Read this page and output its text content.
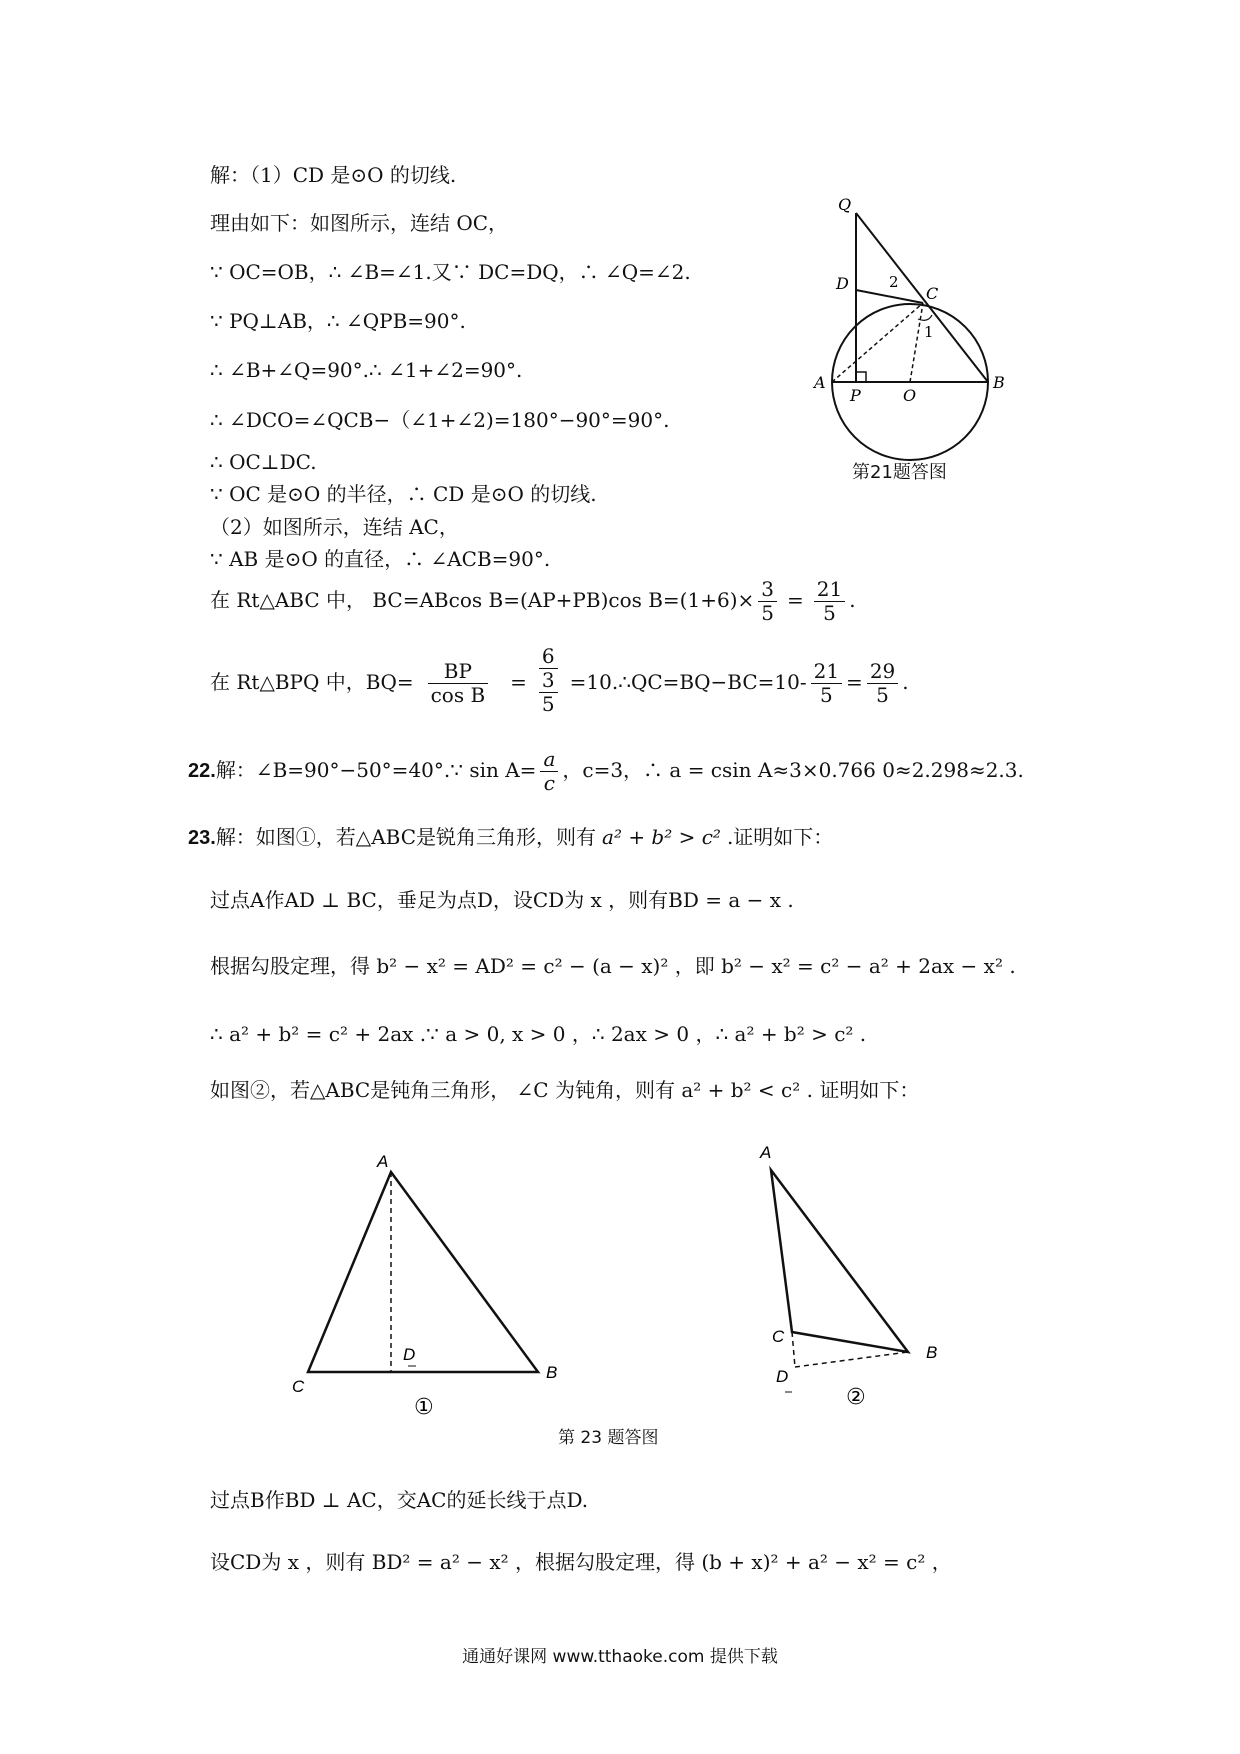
解：（1）CD 是⊙O 的切线.
理由如下：如图所示，连结 OC，
∵ OC=OB，∴ ∠B=∠1.又∵ DC=DQ，∴ ∠Q=∠2.
∵ PQ⊥AB，∴ ∠QPB=90°.
∴ ∠B+∠Q=90°.∴ ∠1+∠2=90°.
∴ ∠DCO=∠QCB−（∠1+∠2)=180°−90°=90°.
∴ OC⊥DC.
∵ OC 是⊙O 的半径，∴ CD 是⊙O 的切线.
（2）如图所示，连结 AC，
∵ AB 是⊙O 的直径，∴ ∠ACB=90°.
在 Rt△ABC 中， BC=ABcos B=(AP+PB)cos $B=(1+6)\times \frac{3}{5} = \frac{21}{5}$ .
在 Rt△BPQ 中，$BQ= \frac{BP}{\text{cos B}}$ =
6
3
5
=10.∴QC=BQ−BC=10- $\frac{21}{5} = \frac{29}{5}$ .
Q
D	2
C
1
A
P	O
B
第21题答图
22.解：∠B=90°−50°=40°.∵ $\sin A= \frac{a}{c}$ ，c=3，∴ a = csin A≈3×0.766 0≈2.298≈2.3.
23.解：如图①，若△ABC是锐角三角形，则有 a² + b² > c² .证明如下：
过点A作AD ⊥ BC，垂足为点D，设CD为 x ，则有BD = a − x .
根据勾股定理，得 b² − x² = AD² = c² − (a − x)² ，即 b² − x² = c² − a² + 2ax − x² .
∴ a² + b² = c² + 2ax .∵ a > 0, x > 0 ，∴ 2ax > 0 ，∴ a² + b² > c² .
如图②，若△ABC是钝角三角形， ∠C 为钝角，则有 a² + b² < c² . 证明如下：
A
D
C
B
①
A
C
D
B
②
第 23 题答图
过点B作BD ⊥ AC，交AC的延长线于点D.
设CD为 x ，则有 BD² = a² − x² ，根据勾股定理，得 (b + x)² + a² − x² = c² ，
通通好课网 www.tthaoke.com 提供下载
